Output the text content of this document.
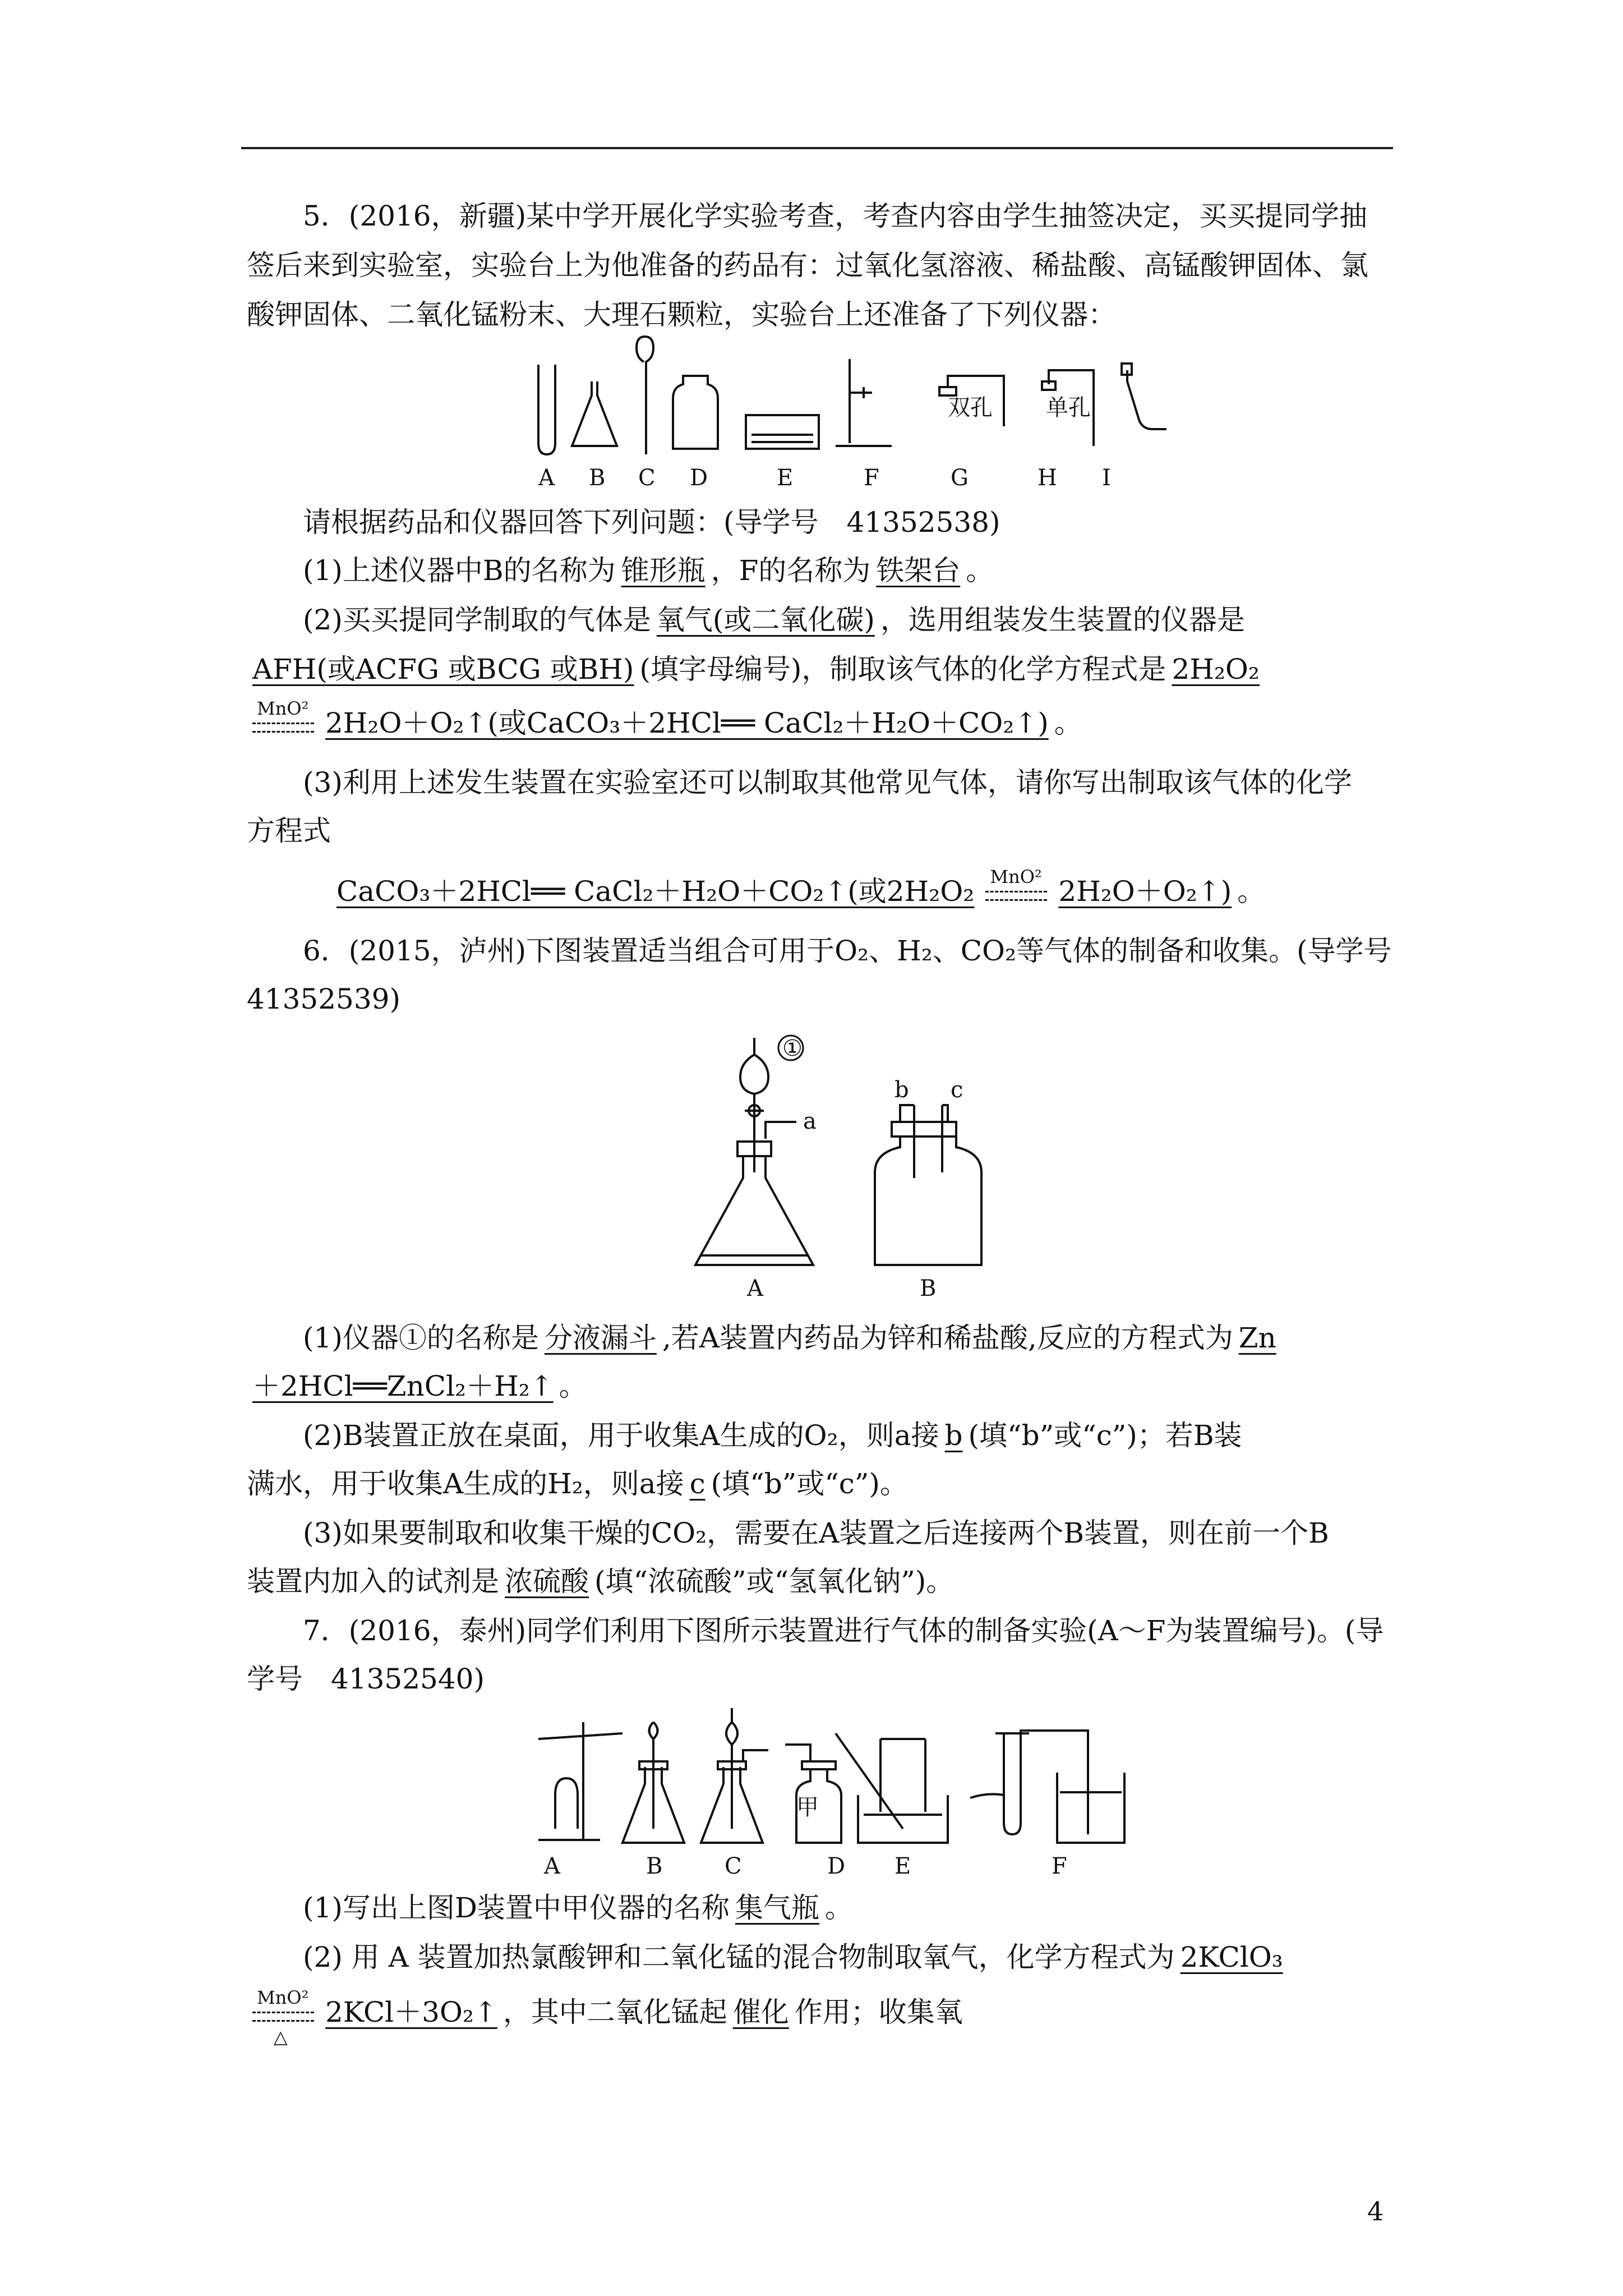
5．(2016，新疆)某中学开展化学实验考查，考查内容由学生抽签决定，买买提同学抽
签后来到实验室，实验台上为他准备的药品有：过氧化氢溶液、稀盐酸、高锰酸钾固体、氯
酸钾固体、二氧化锰粉末、大理石颗粒，实验台上还准备了下列仪器：
双孔 单孔
A B C D	E	F	G	H I
请根据药品和仪器回答下列问题：(导学号　41352538)
(1)上述仪器中B的名称为 锥形瓶 ，F的名称为 铁架台 。
(2)买买提同学制取的气体是 氧气(或二氧化碳) ，选用组装发生装置的仪器是
AFH(或ACFG 或BCG 或BH) (填字母编号)，制取该气体的化学方程式是 2H₂O₂
MnO² 2H₂O＋O₂↑(或CaCO₃＋2HCl══ CaCl₂＋H₂O＋CO₂↑) 。
(3)利用上述发生装置在实验室还可以制取其他常见气体，请你写出制取该气体的化学
方程式
CaCO₃＋2HCl══ CaCl₂＋H₂O＋CO₂↑(或2H₂O₂ MnO² 2H₂O＋O₂↑) 。
6．(2015，泸州)下图装置适当组合可用于O₂、H₂、CO₂等气体的制备和收集。(导学号
41352539)
①
a
b c
A	B
(1)仪器①的名称是 分液漏斗 ,若A装置内药品为锌和稀盐酸,反应的方程式为 Zn
＋2HCl══ZnCl₂＋H₂↑ 。
(2)B装置正放在桌面，用于收集A生成的O₂，则a接 b (填“b”或“c”)；若B装
满水，用于收集A生成的H₂，则a接 c (填“b”或“c”)。
(3)如果要制取和收集干燥的CO₂，需要在A装置之后连接两个B装置，则在前一个B
装置内加入的试剂是 浓硫酸 (填“浓硫酸”或“氢氧化钠”)。
7．(2016，泰州)同学们利用下图所示装置进行气体的制备实验(A～F为装置编号)。(导
学号　41352540)
甲
A	B	C	D E	F
(1)写出上图D装置中甲仪器的名称 集气瓶 。
(2) 用 A 装置加热氯酸钾和二氧化锰的混合物制取氧气，化学方程式为 2KClO₃
MnO²
△
2KCl＋3O₂↑ ，其中二氧化锰起 催化 作用；收集氧
4
